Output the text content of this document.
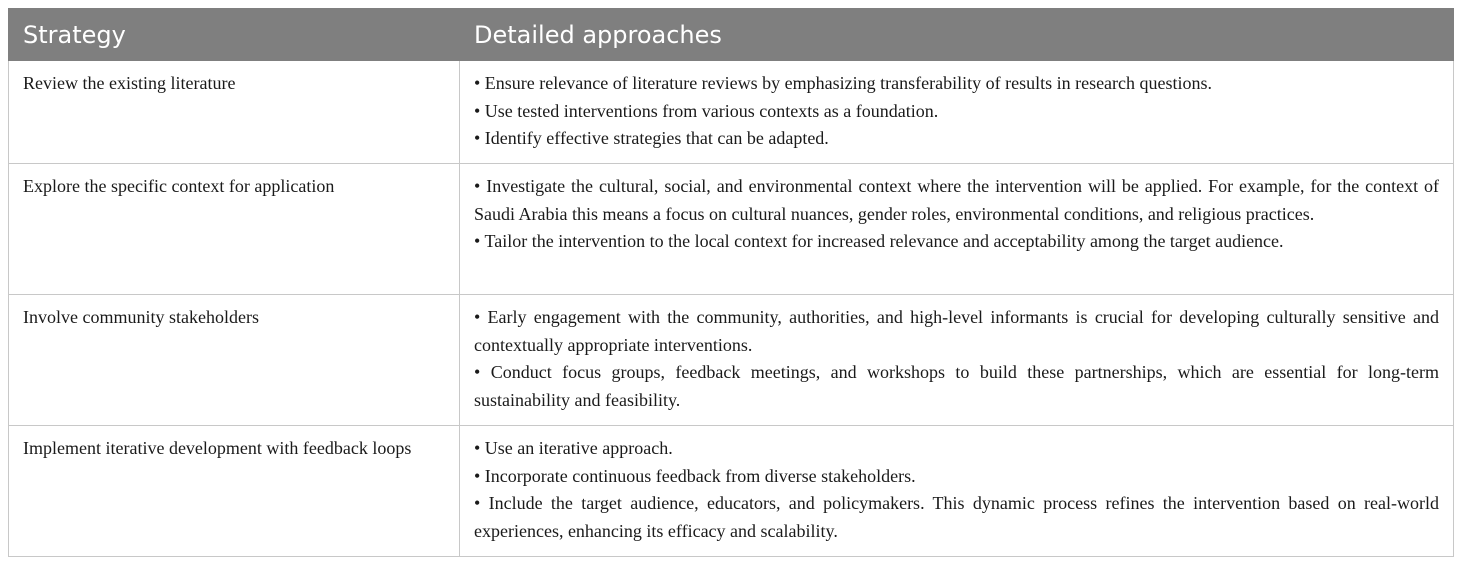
Strategy	Detailed approaches
Review the existing literature	• Ensure relevance of literature reviews by emphasizing transferability of results in research questions.
• Use tested interventions from various contexts as a foundation.
• Identify effective strategies that can be adapted.

Explore the specific context for application	• Investigate the cultural, social, and environmental context where the intervention will be applied. For example, for the context of Saudi Arabia this means a focus on cultural nuances, gender roles, environmental conditions, and religious practices.
• Tailor the intervention to the local context for increased relevance and acceptability among the target audience.

Involve community stakeholders	• Early engagement with the community, authorities, and high-level informants is crucial for developing culturally sensitive and contextually appropriate interventions.
• Conduct focus groups, feedback meetings, and workshops to build these partnerships, which are essential for long-term sustainability and feasibility.

Implement iterative development with feedback loops	• Use an iterative approach.
• Incorporate continuous feedback from diverse stakeholders.
• Include the target audience, educators, and policymakers. This dynamic process refines the intervention based on real-world experiences, enhancing its efficacy and scalability.
